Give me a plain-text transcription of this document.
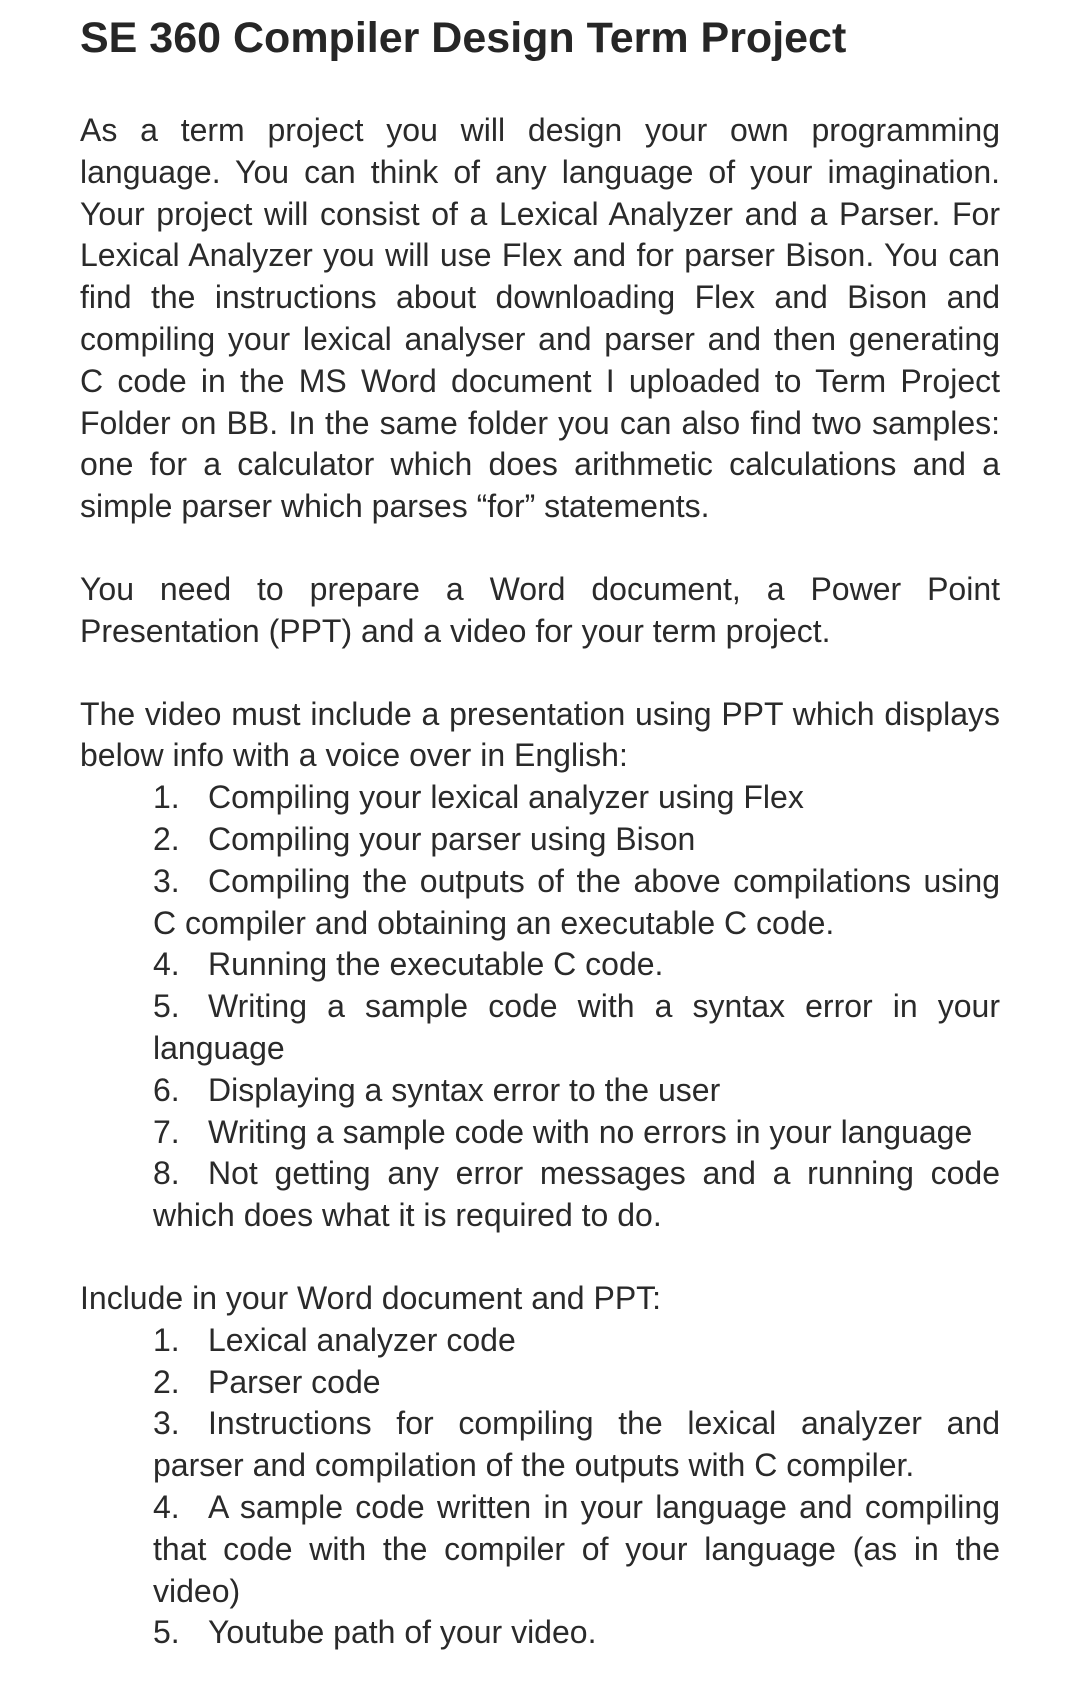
SE 360 Compiler Design Term Project

As a term project you will design your own programming language. You can think of any language of your imagination. Your project will consist of a Lexical Analyzer and a Parser. For Lexical Analyzer you will use Flex and for parser Bison. You can find the instructions about downloading Flex and Bison and compiling your lexical analyser and parser and then generating C code in the MS Word document I uploaded to Term Project Folder on BB. In the same folder you can also find two samples: one for a calculator which does arithmetic calculations and a simple parser which parses “for” statements.

You need to prepare a Word document, a Power Point Presentation (PPT) and a video for your term project.

The video must include a presentation using PPT which displays below info with a voice over in English:

1. Compiling your lexical analyzer using Flex
2. Compiling your parser using Bison
3. Compiling the outputs of the above compilations using C compiler and obtaining an executable C code.
4. Running the executable C code.
5. Writing a sample code with a syntax error in your language
6. Displaying a syntax error to the user
7. Writing a sample code with no errors in your language
8. Not getting any error messages and a running code which does what it is required to do.

Include in your Word document and PPT:

1. Lexical analyzer code
2. Parser code
3. Instructions for compiling the lexical analyzer and parser and compilation of the outputs with C compiler.
4. A sample code written in your language and compiling that code with the compiler of your language (as in the video)
5. Youtube path of your video.
